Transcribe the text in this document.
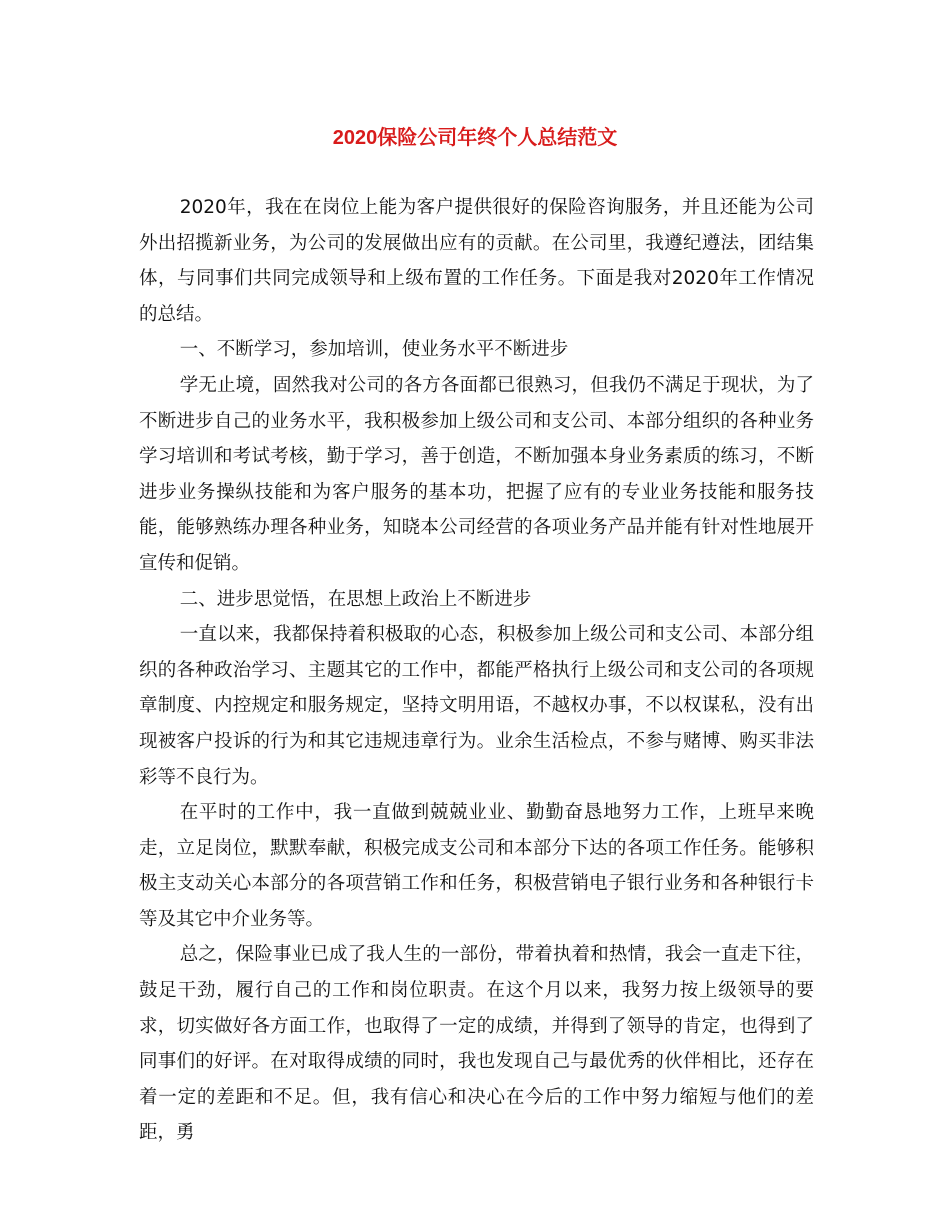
2020保险公司年终个人总结范文

2020年，我在在岗位上能为客户提供很好的保险咨询服务，并且还能为公司外出招揽新业务，为公司的发展做出应有的贡献。在公司里，我遵纪遵法，团结集体，与同事们共同完成领导和上级布置的工作任务。下面是我对2020年工作情况的总结。

一、不断学习，参加培训，使业务水平不断进步

学无止境，固然我对公司的各方各面都已很熟习，但我仍不满足于现状，为了不断进步自己的业务水平，我积极参加上级公司和支公司、本部分组织的各种业务学习培训和考试考核，勤于学习，善于创造，不断加强本身业务素质的练习，不断进步业务操纵技能和为客户服务的基本功，把握了应有的专业业务技能和服务技能，能够熟练办理各种业务，知晓本公司经营的各项业务产品并能有针对性地展开宣传和促销。

二、进步思觉悟，在思想上政治上不断进步

一直以来，我都保持着积极取的心态，积极参加上级公司和支公司、本部分组织的各种政治学习、主题其它的工作中，都能严格执行上级公司和支公司的各项规章制度、内控规定和服务规定，坚持文明用语，不越权办事，不以权谋私，没有出现被客户投诉的行为和其它违规违章行为。业余生活检点，不参与赌博、购买非法彩等不良行为。

在平时的工作中，我一直做到兢兢业业、勤勤奋恳地努力工作，上班早来晚走，立足岗位，默默奉献，积极完成支公司和本部分下达的各项工作任务。能够积极主支动关心本部分的各项营销工作和任务，积极营销电子银行业务和各种银行卡等及其它中介业务等。

总之，保险事业已成了我人生的一部份，带着执着和热情，我会一直走下往，鼓足干劲，履行自己的工作和岗位职责。在这个月以来，我努力按上级领导的要求，切实做好各方面工作，也取得了一定的成绩，并得到了领导的肯定，也得到了同事们的好评。在对取得成绩的同时，我也发现自己与最优秀的伙伴相比，还存在着一定的差距和不足。但，我有信心和决心在今后的工作中努力缩短与他们的差距，勇
